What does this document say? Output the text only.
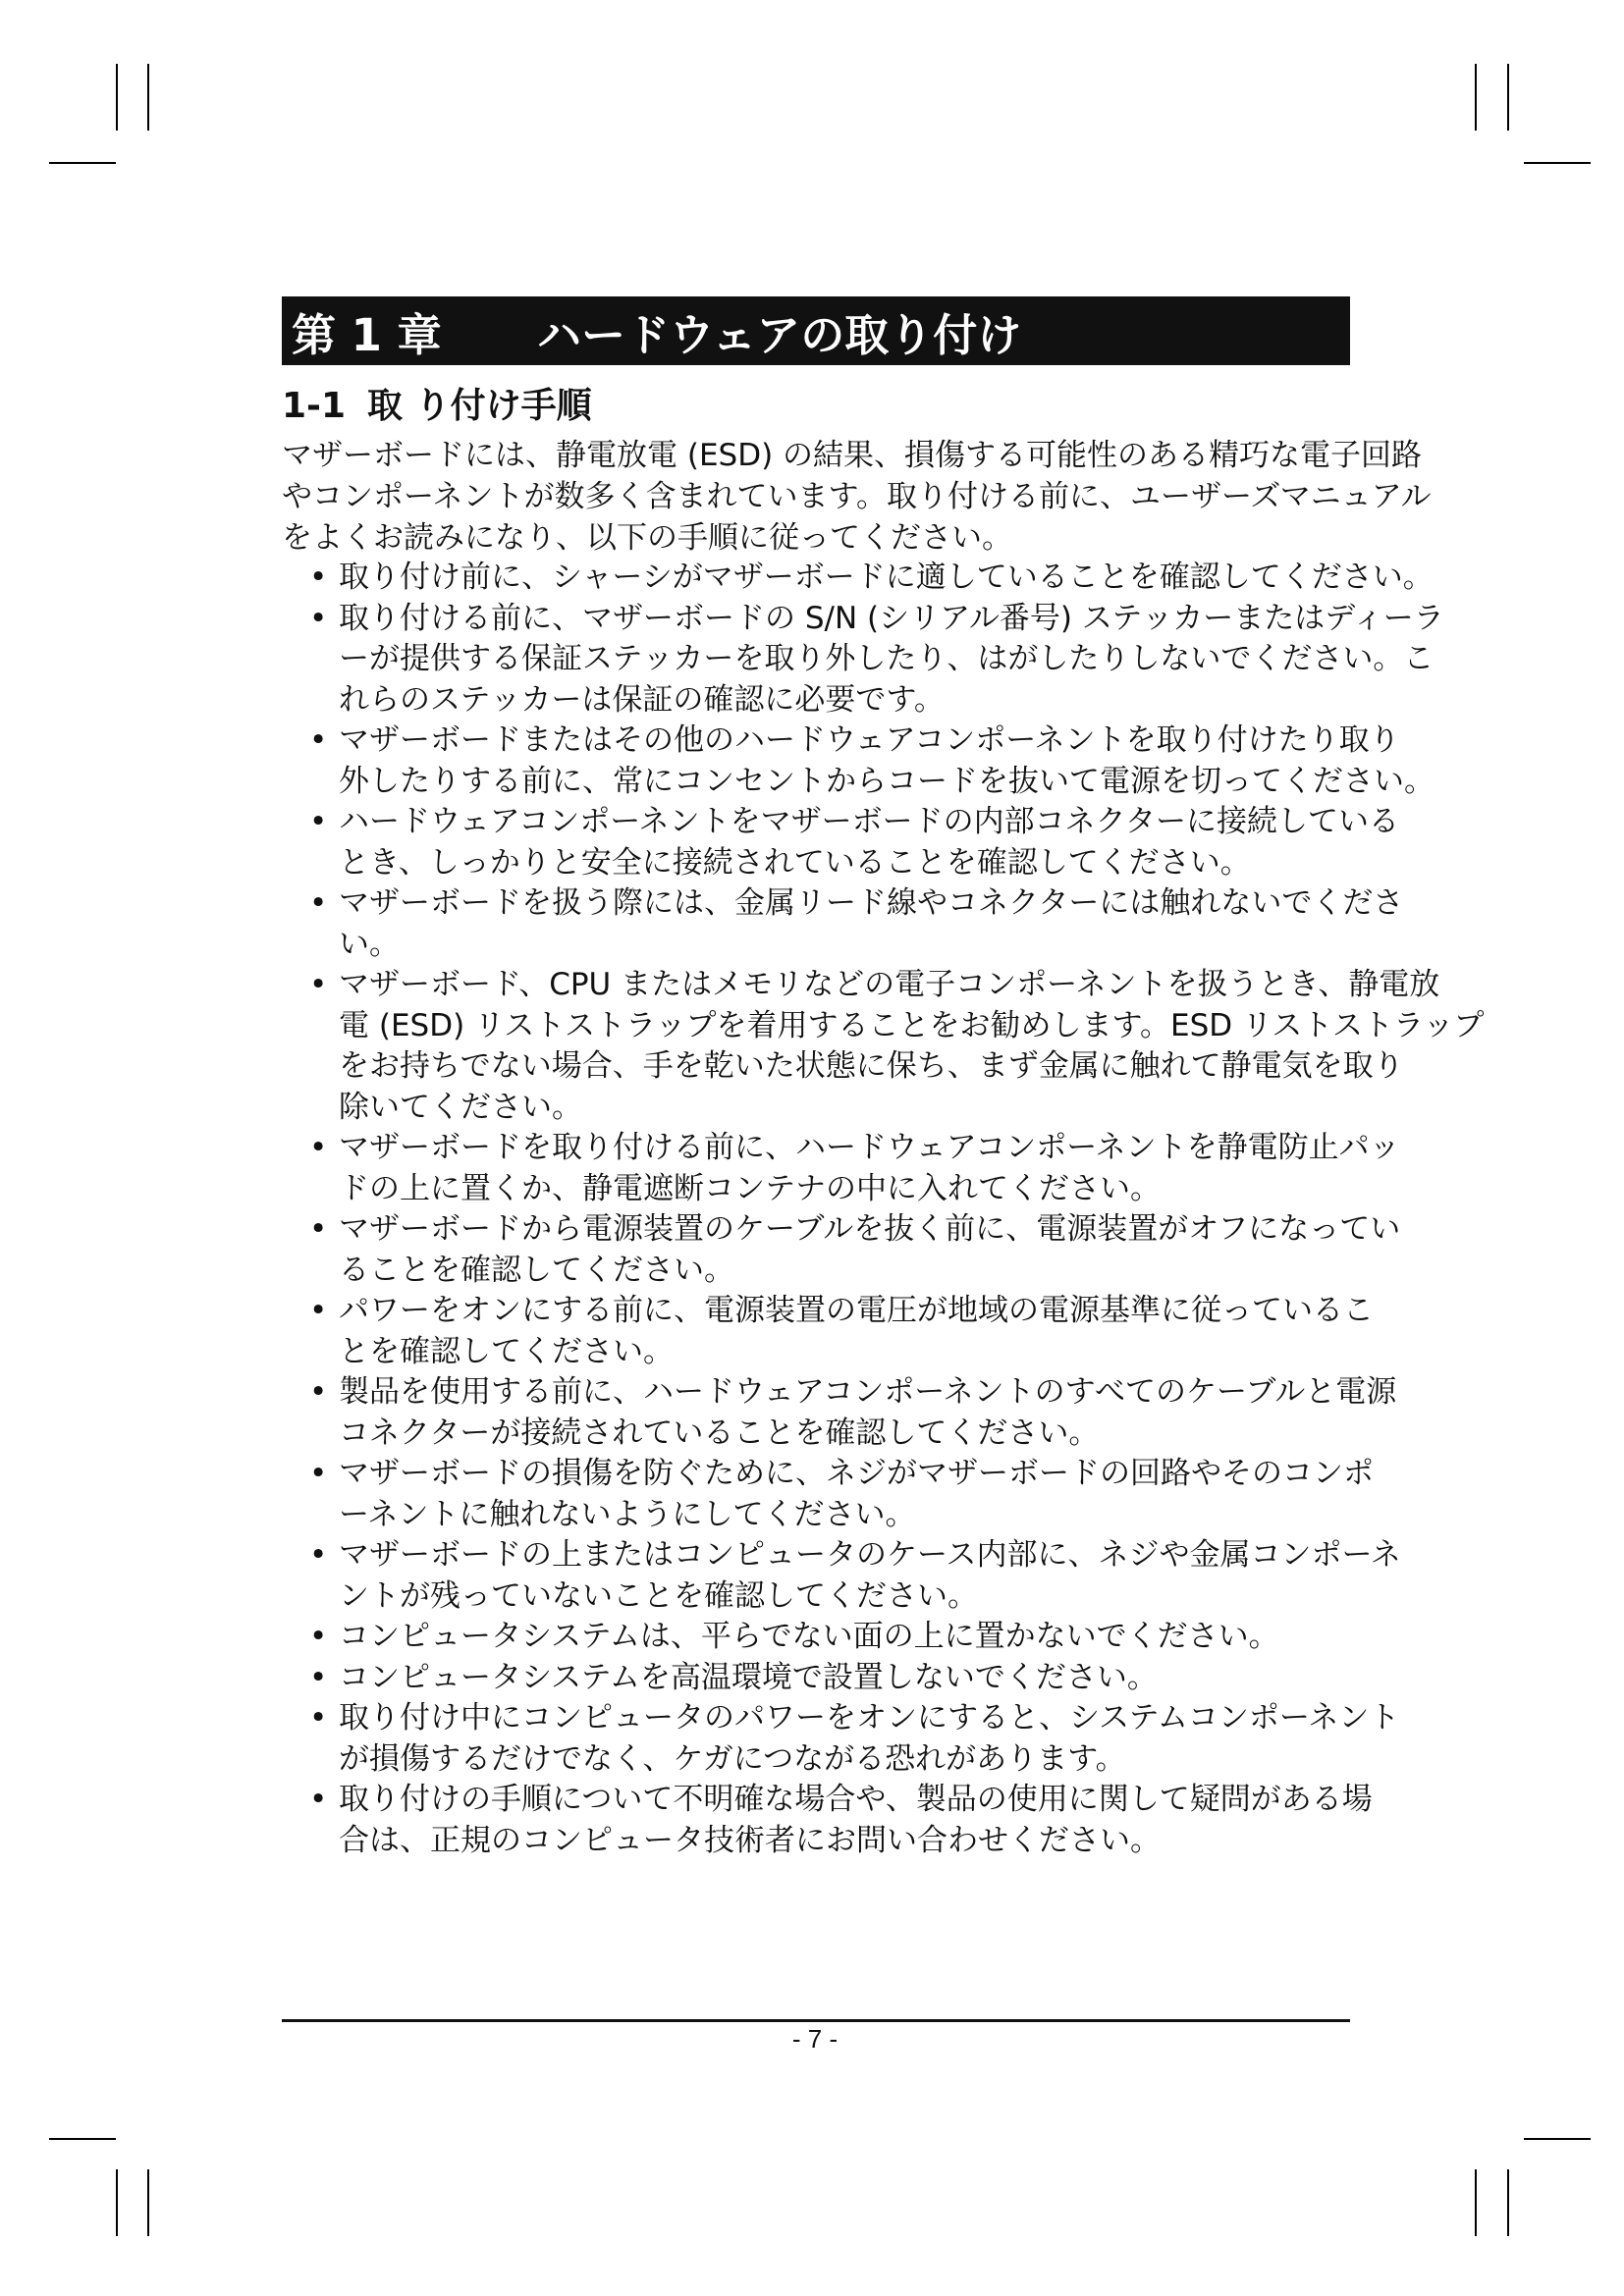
第 1 章	ハードウェアの取り付け
1-1 取 り付け手順

マザーボードには、静電放電 (ESD) の結果、損傷する可能性のある精巧な電子回路
やコンポーネントが数多く含まれています。取り付ける前に、ユーザーズマニュアル
をよくお読みになり、以下の手順に従ってください。

• 取り付け前に、シャーシがマザーボードに適していることを確認してください。
• 取り付ける前に、マザーボードの S/N (シリアル番号) ステッカーまたはディーラ
ーが提供する保証ステッカーを取り外したり、はがしたりしないでください。こ
れらのステッカーは保証の確認に必要です。
• マザーボードまたはその他のハードウェアコンポーネントを取り付けたり取り
外したりする前に、常にコンセントからコードを抜いて電源を切ってください。
• ハードウェアコンポーネントをマザーボードの内部コネクターに接続している
とき、しっかりと安全に接続されていることを確認してください。
• マザーボードを扱う際には、金属リード線やコネクターには触れないでくださ
い。
• マザーボード、CPU またはメモリなどの電子コンポーネントを扱うとき、静電放
電 (ESD) リストストラップを着用することをお勧めします。ESD リストストラップ
をお持ちでない場合、手を乾いた状態に保ち、まず金属に触れて静電気を取り
除いてください。
• マザーボードを取り付ける前に、ハードウェアコンポーネントを静電防止パッ
ドの上に置くか、静電遮断コンテナの中に入れてください。
• マザーボードから電源装置のケーブルを抜く前に、電源装置がオフになってい
ることを確認してください。
• パワーをオンにする前に、電源装置の電圧が地域の電源基準に従っているこ
とを確認してください。
• 製品を使用する前に、ハードウェアコンポーネントのすべてのケーブルと電源
コネクターが接続されていることを確認してください。
• マザーボードの損傷を防ぐために、ネジがマザーボードの回路やそのコンポ
ーネントに触れないようにしてください。
• マザーボードの上またはコンピュータのケース内部に、ネジや金属コンポーネ
ントが残っていないことを確認してください。
• コンピュータシステムは、平らでない面の上に置かないでください。
• コンピュータシステムを高温環境で設置しないでください。
• 取り付け中にコンピュータのパワーをオンにすると、システムコンポーネント
が損傷するだけでなく、ケガにつながる恐れがあります。
• 取り付けの手順について不明確な場合や、製品の使用に関して疑問がある場
合は、正規のコンピュータ技術者にお問い合わせください。
- 7 -
